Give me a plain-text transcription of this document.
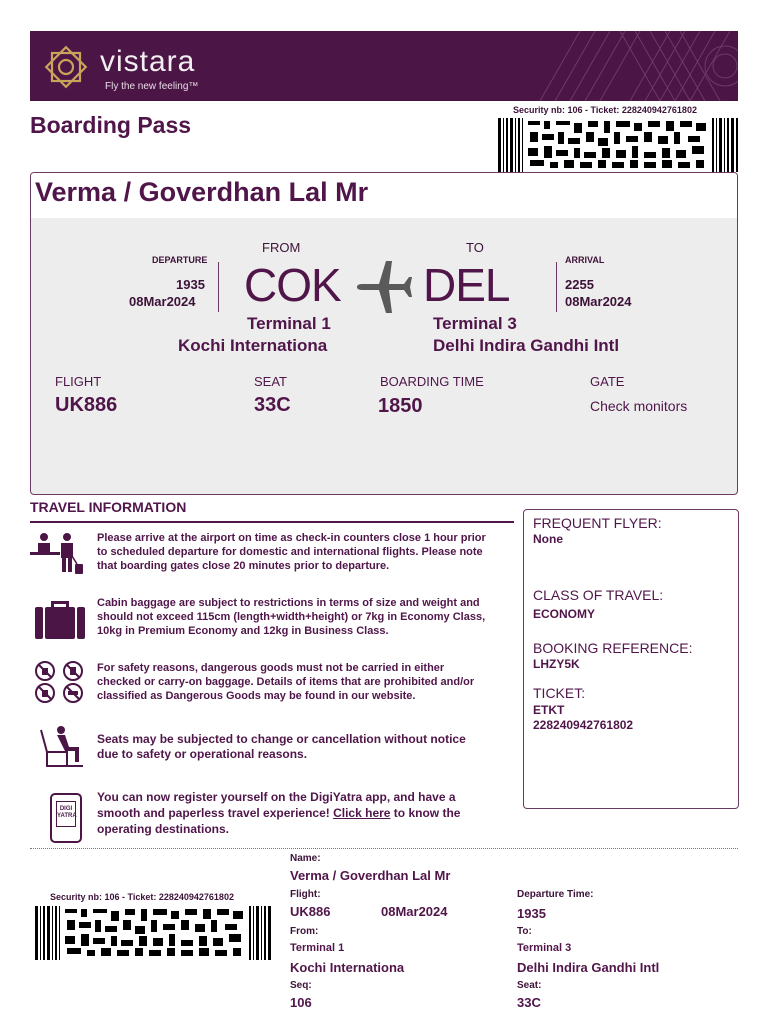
vistara
Fly the new feeling™
Boarding Pass
Security nb: 106 - Ticket: 228240942761802
Verma / Goverdhan Lal Mr
DEPARTURE
1935
08Mar2024
FROM
COK
TO
DEL	ARRIVAL
2255
08Mar2024
Terminal 1
Kochi Internationa
Terminal 3
Delhi Indira Gandhi Intl
FLIGHT
UK886
SEAT
33C
BOARDING TIME
1850
GATE
Check monitors
TRAVEL INFORMATION
Please arrive at the airport on time as check-in counters close 1 hour prior
to scheduled departure for domestic and international flights. Please note
that boarding gates close 20 minutes prior to departure.
Cabin baggage are subject to restrictions in terms of size and weight and
should not exceed 115cm (length+width+height) or 7kg in Economy Class,
10kg in Premium Economy and 12kg in Business Class.
For safety reasons, dangerous goods must not be carried in either
checked or carry-on baggage. Details of items that are prohibited and/or
classified as Dangerous Goods may be found in our website.
Seats may be subjected to change or cancellation without notice
due to safety or operational reasons.
DIGI YATRA
You can now register yourself on the DigiYatra app, and have a
smooth and paperless travel experience! Click here to know the
operating destinations.
FREQUENT FLYER:
None
CLASS OF TRAVEL:
ECONOMY
BOOKING REFERENCE:
LHZY5K
TICKET:
ETKT
228240942761802
Security nb: 106 - Ticket: 228240942761802
Name:
Verma / Goverdhan Lal Mr
Flight:
UK886	08Mar2024
From:
Terminal 1
Kochi Internationa
Seq:
106
Departure Time:
1935
To:
Terminal 3
Delhi Indira Gandhi Intl
Seat:
33C
